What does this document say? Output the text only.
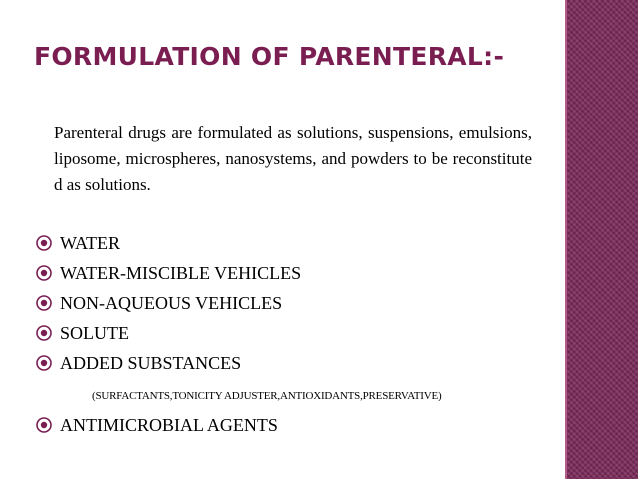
FORMULATION OF PARENTERAL:-

Parenteral drugs are formulated as solutions, suspensions, emulsions, liposome, microspheres, nanosystems, and powders to be reconstituted as solutions.

WATER
WATER-MISCIBLE VEHICLES
NON-AQUEOUS VEHICLES
SOLUTE
ADDED SUBSTANCES
(SURFACTANTS,TONICITY ADJUSTER,ANTIOXIDANTS,PRESERVATIVE)
ANTIMICROBIAL AGENTS
